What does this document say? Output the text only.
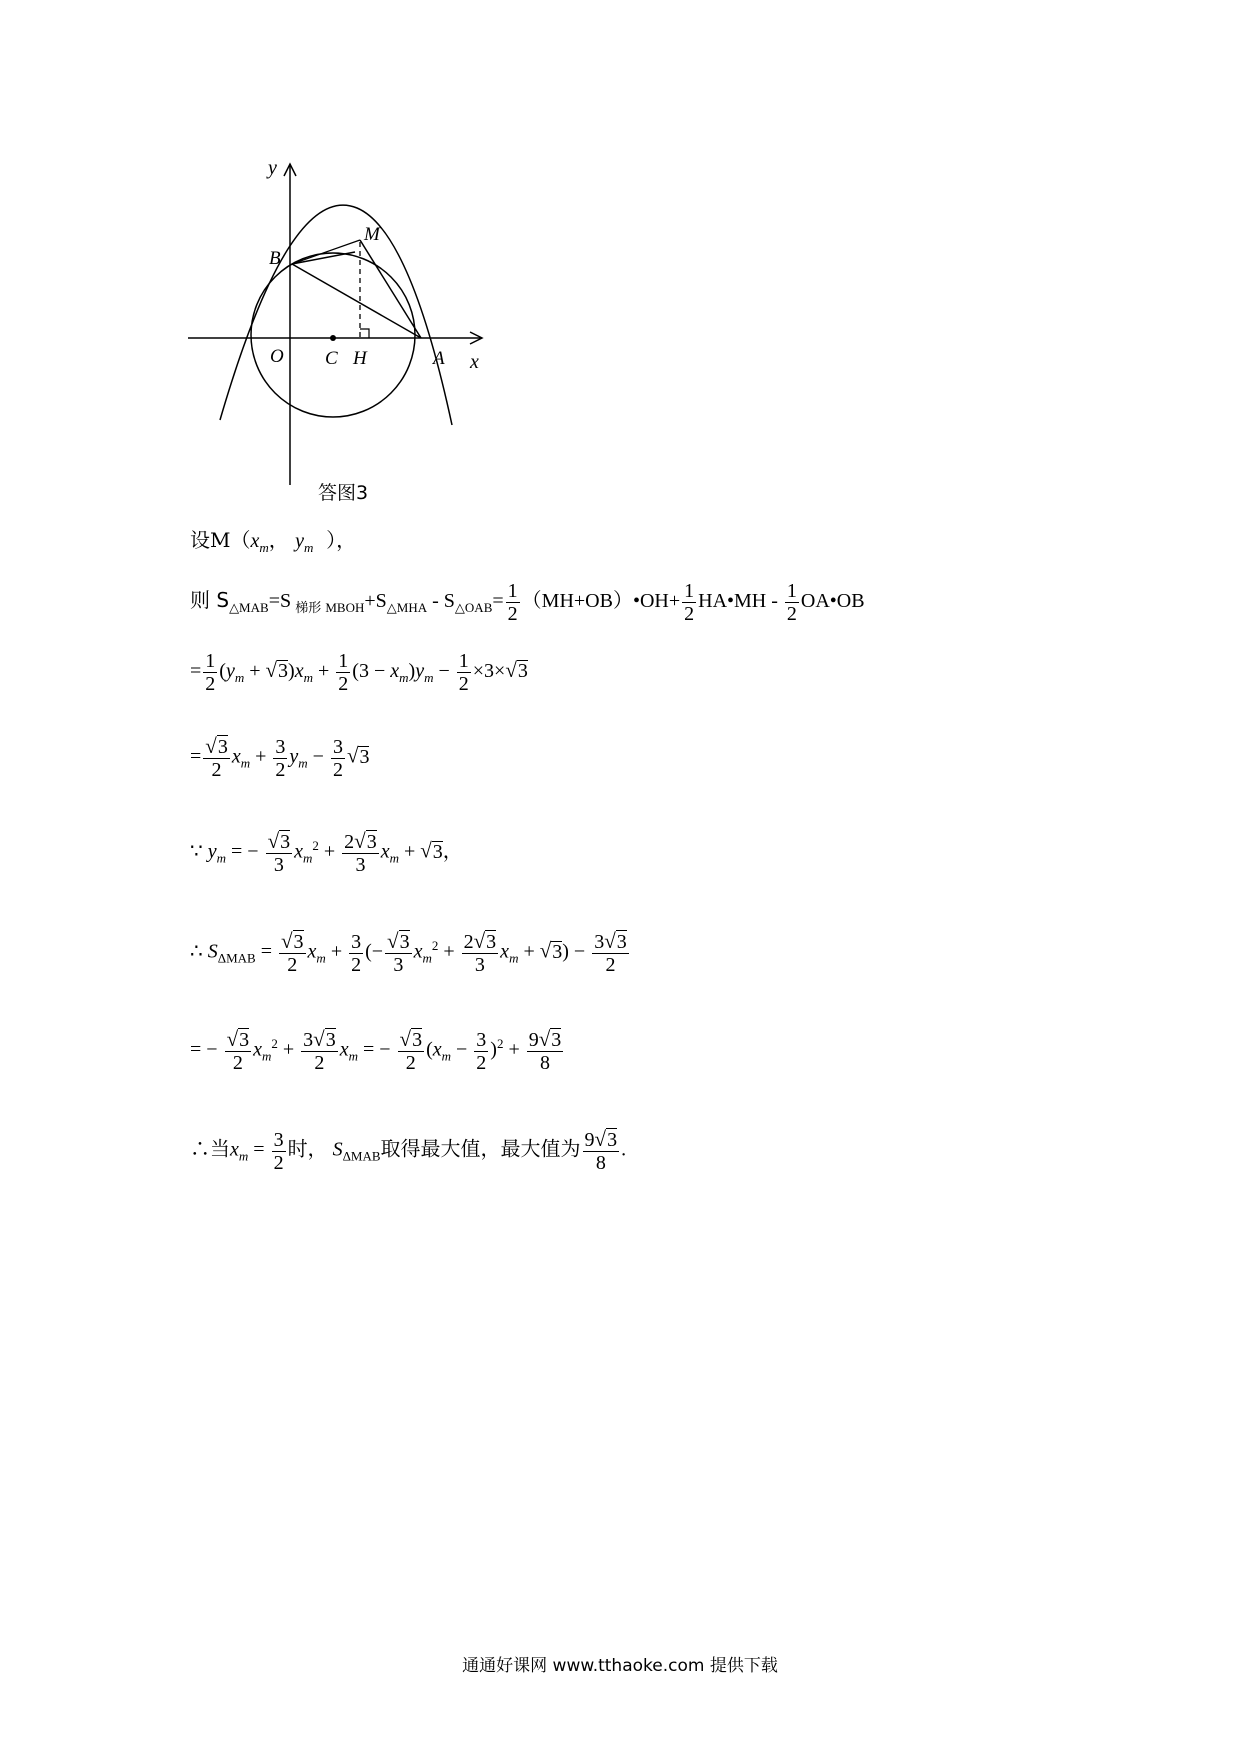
y
x
O C H	A
B
M
答图3
设$M(x_m$， $y_m$ ），
则 $S_{\triangle MAB}=S$ $_{梯形}$ $_{MBOH}+S_{\triangle MHA} - S_{\triangle OAB}= \frac{1}{2}$ （MH+OB）•OH+ $\frac{1}{2}$ HA•MH - $\frac{1}{2}$ OA•OB
= $\frac{1}{2} (y_m + √3)x_m + \frac{1}{2} (3 - x_m)y_m - \frac{1}{2} \times 3\times√3$
= $\frac{√3}{2} x_m + \frac{3}{2} y_m - \frac{3}{2} √3$
∵ $y_m$ = − $\frac{√3}{3} x_m^2 + \frac{2√3}{3} x_m + √3$，
∴ $S_{\Delta MAB} = \frac{√3}{2} x_m + \frac{3}{2}$ (− $\frac{√3}{3} x_m^2 + \frac{2√3}{3} x_m + √3) - \frac{3√3}{2}$
= − $\frac{√3}{2} x_m^2 + \frac{3√3}{2} x_m$ = − $\frac{√3}{2} (x_m - \frac{3}{2} )^2 + \frac{9√3}{8}$
∴当$x_m = \frac{3}{2}$ 时， $S_{\Delta MAB}$取得最大值，最大值为 $\frac{9√3}{8}$ .
通通好课网 www.tthaoke.com 提供下载
